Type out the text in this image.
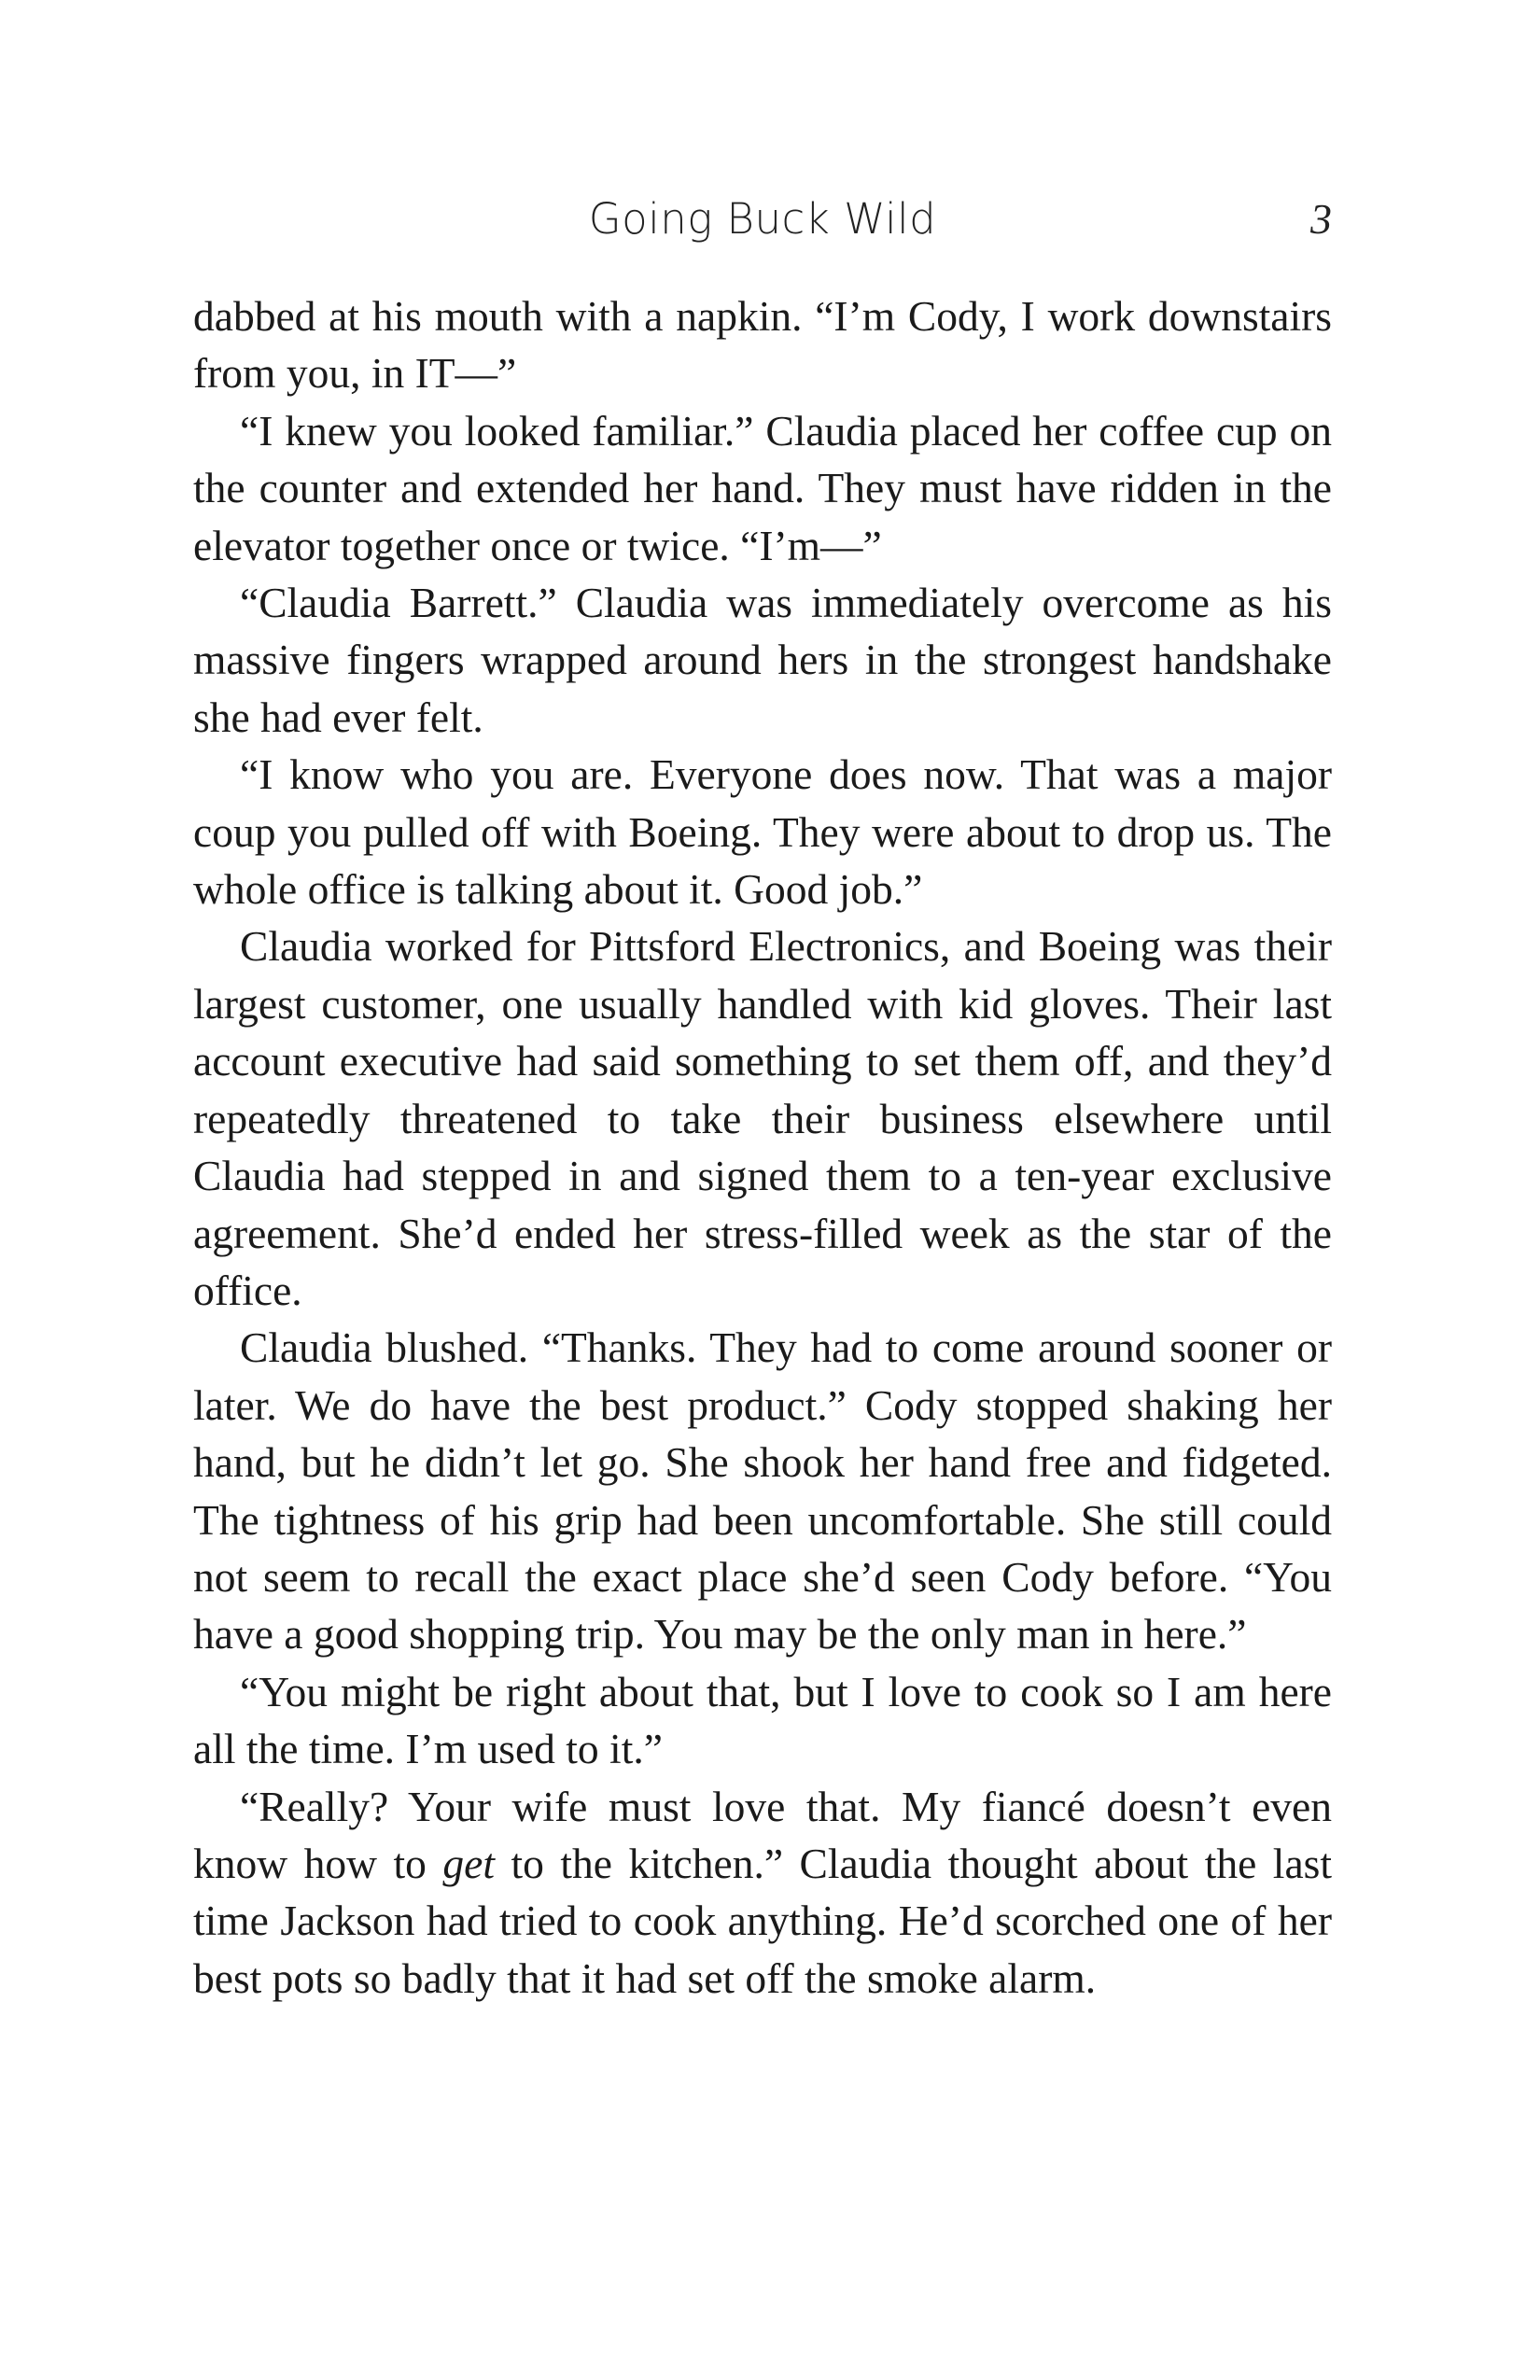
Going Buck Wild	3

dabbed at his mouth with a napkin. “I’m Cody, I work downstairs from you, in IT—”

“I knew you looked familiar.” Claudia placed her coffee cup on the counter and extended her hand. They must have ridden in the elevator together once or twice. “I’m—”

“Claudia Barrett.” Claudia was immediately overcome as his massive fingers wrapped around hers in the strongest handshake she had ever felt.

“I know who you are. Everyone does now. That was a major coup you pulled off with Boeing. They were about to drop us. The whole office is talking about it. Good job.”

Claudia worked for Pittsford Electronics, and Boeing was their largest customer, one usually handled with kid gloves. Their last account executive had said something to set them off, and they’d repeatedly threatened to take their business elsewhere until Claudia had stepped in and signed them to a ten-year exclusive agreement. She’d ended her stress-filled week as the star of the office.

Claudia blushed. “Thanks. They had to come around sooner or later. We do have the best product.” Cody stopped shaking her hand, but he didn’t let go. She shook her hand free and fidgeted. The tightness of his grip had been uncomfortable. She still could not seem to recall the exact place she’d seen Cody before. “You have a good shopping trip. You may be the only man in here.”

“You might be right about that, but I love to cook so I am here all the time. I’m used to it.”

“Really? Your wife must love that. My fiancé doesn’t even know how to get to the kitchen.” Claudia thought about the last time Jackson had tried to cook anything. He’d scorched one of her best pots so badly that it had set off the smoke alarm.
